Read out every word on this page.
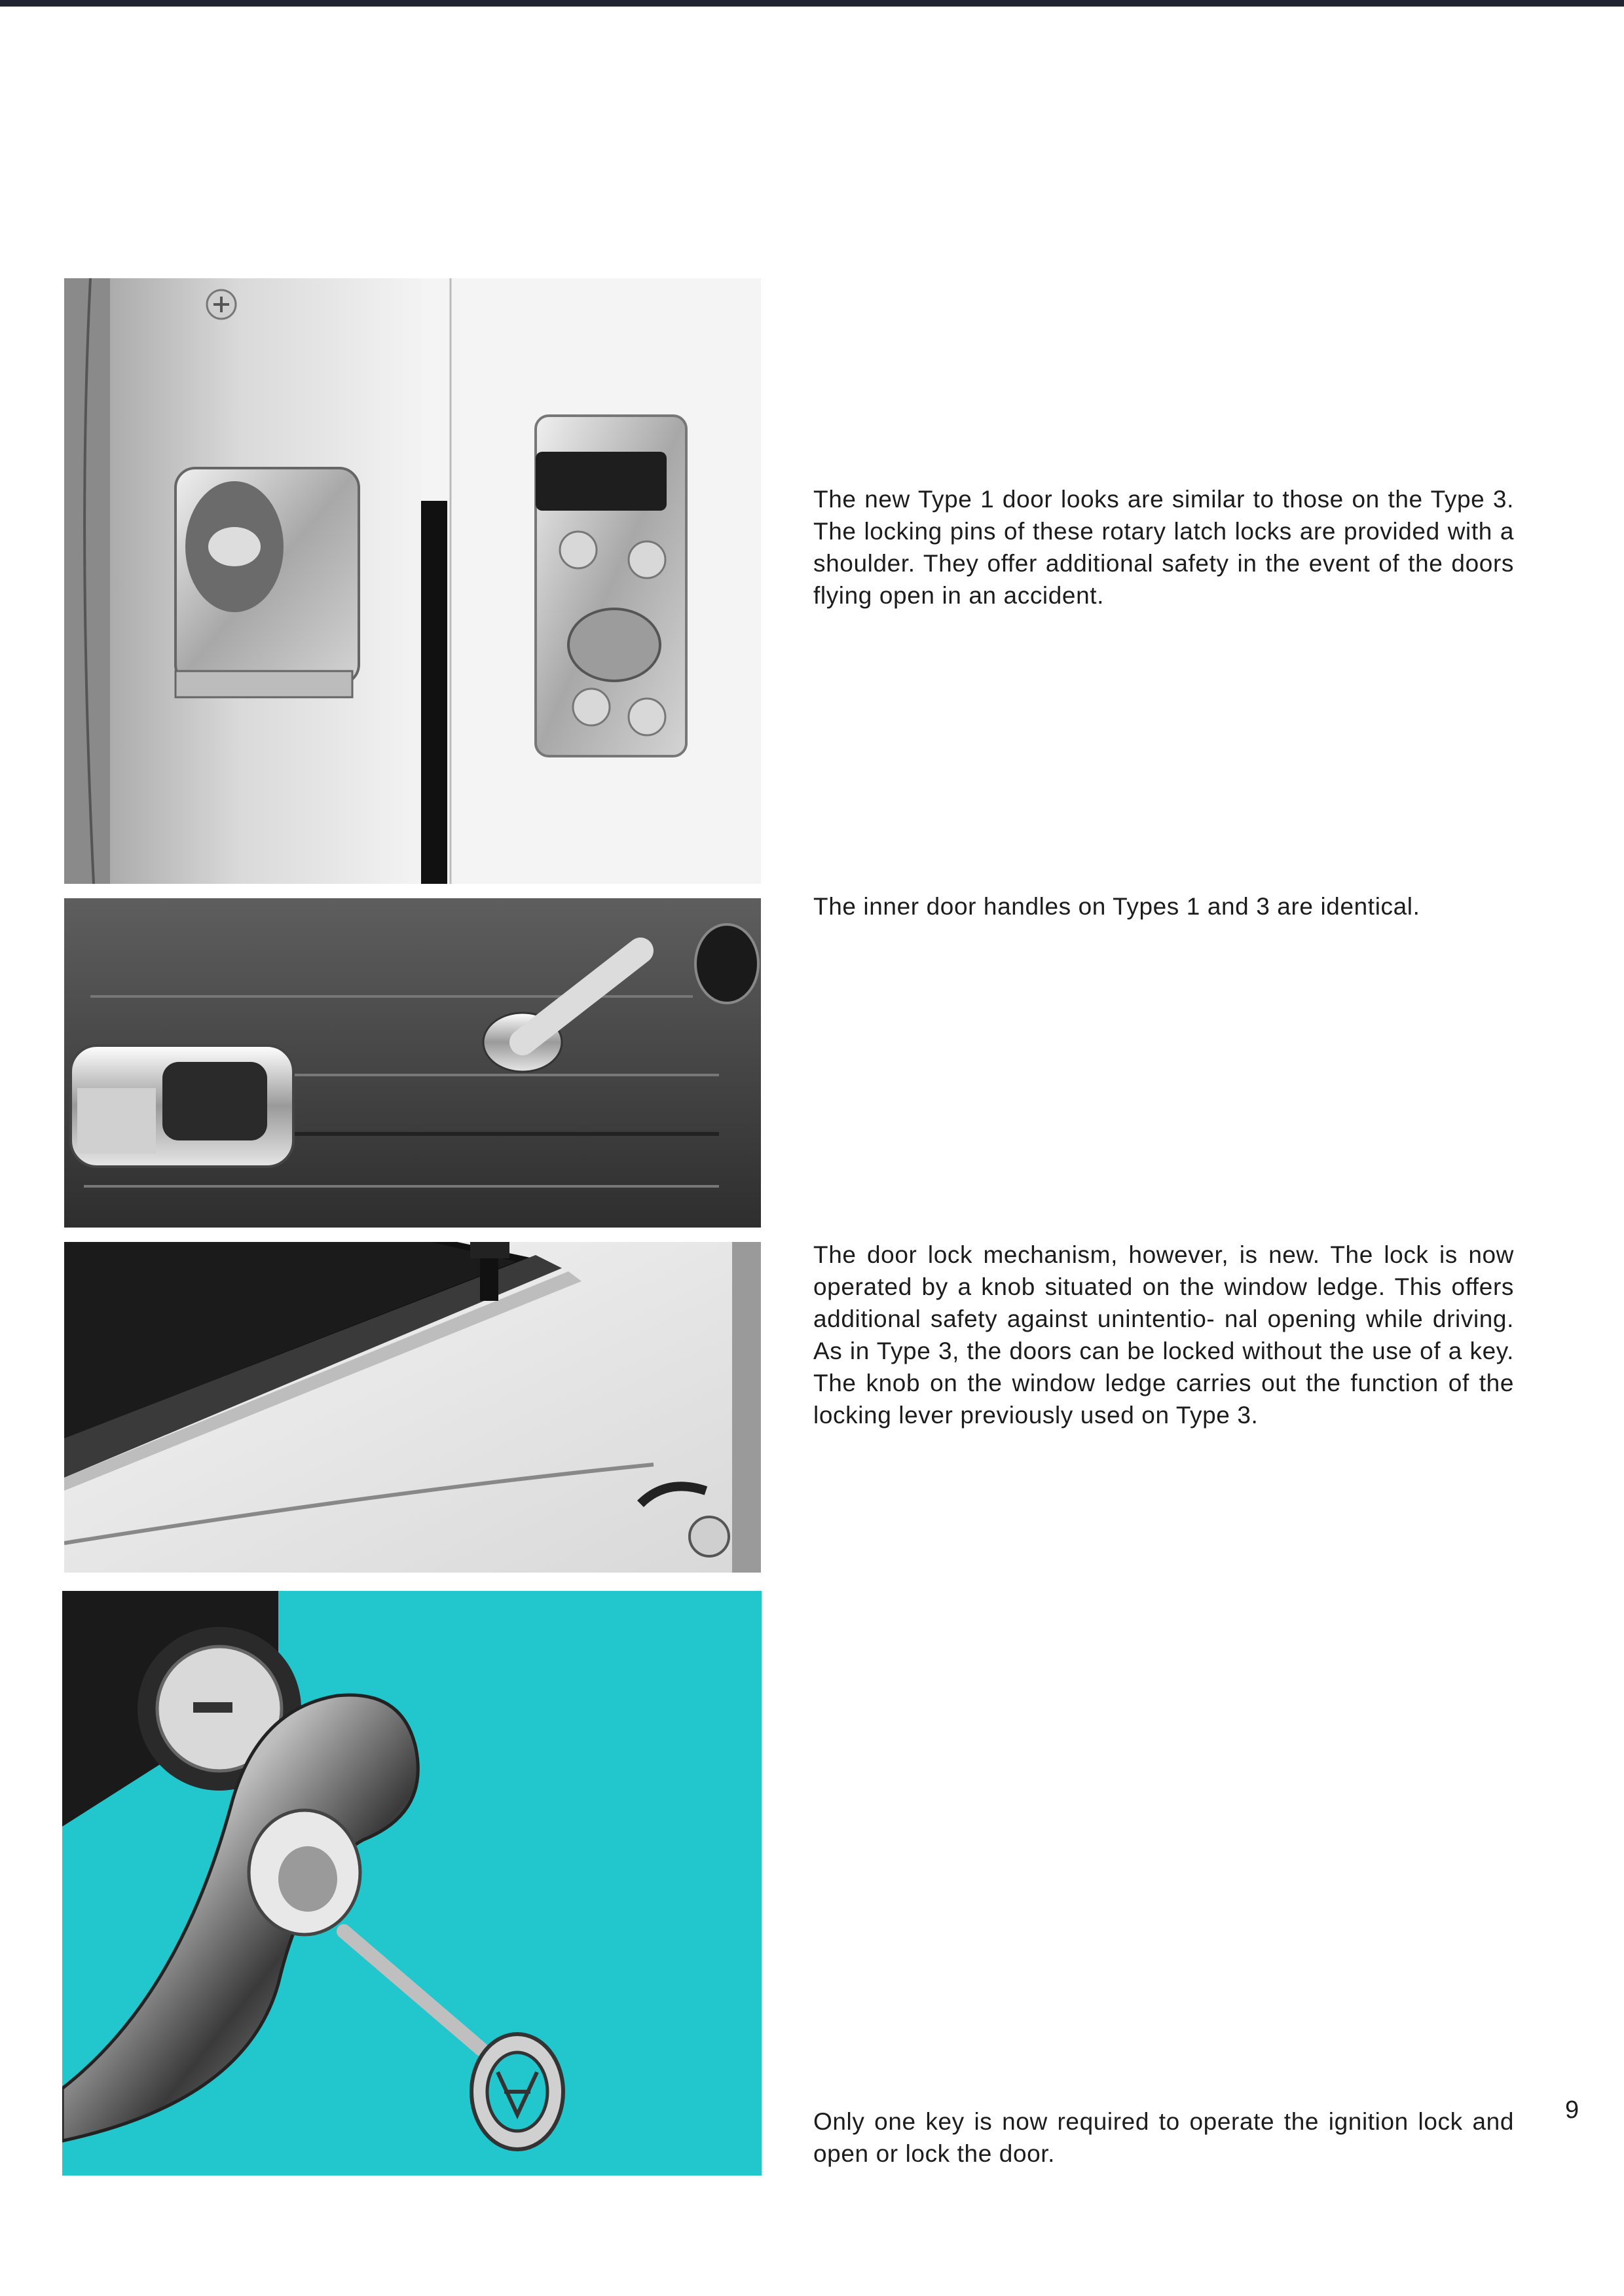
The new Type 1 door looks are similar to those on the Type 3. The locking pins of these rotary latch locks are provided with a shoulder. They offer additional safety in the event of the doors flying open in an accident.

The inner door handles on Types 1 and 3 are identical.

The door lock mechanism, however, is new. The lock is now operated by a knob situated on the window ledge. This offers additional safety against unintentio- nal opening while driving. As in Type 3, the doors can be locked without the use of a key. The knob on the window ledge carries out the function of the locking lever previously used on Type 3.

Only one key is now required to operate the ignition lock and open or lock the door.

9
